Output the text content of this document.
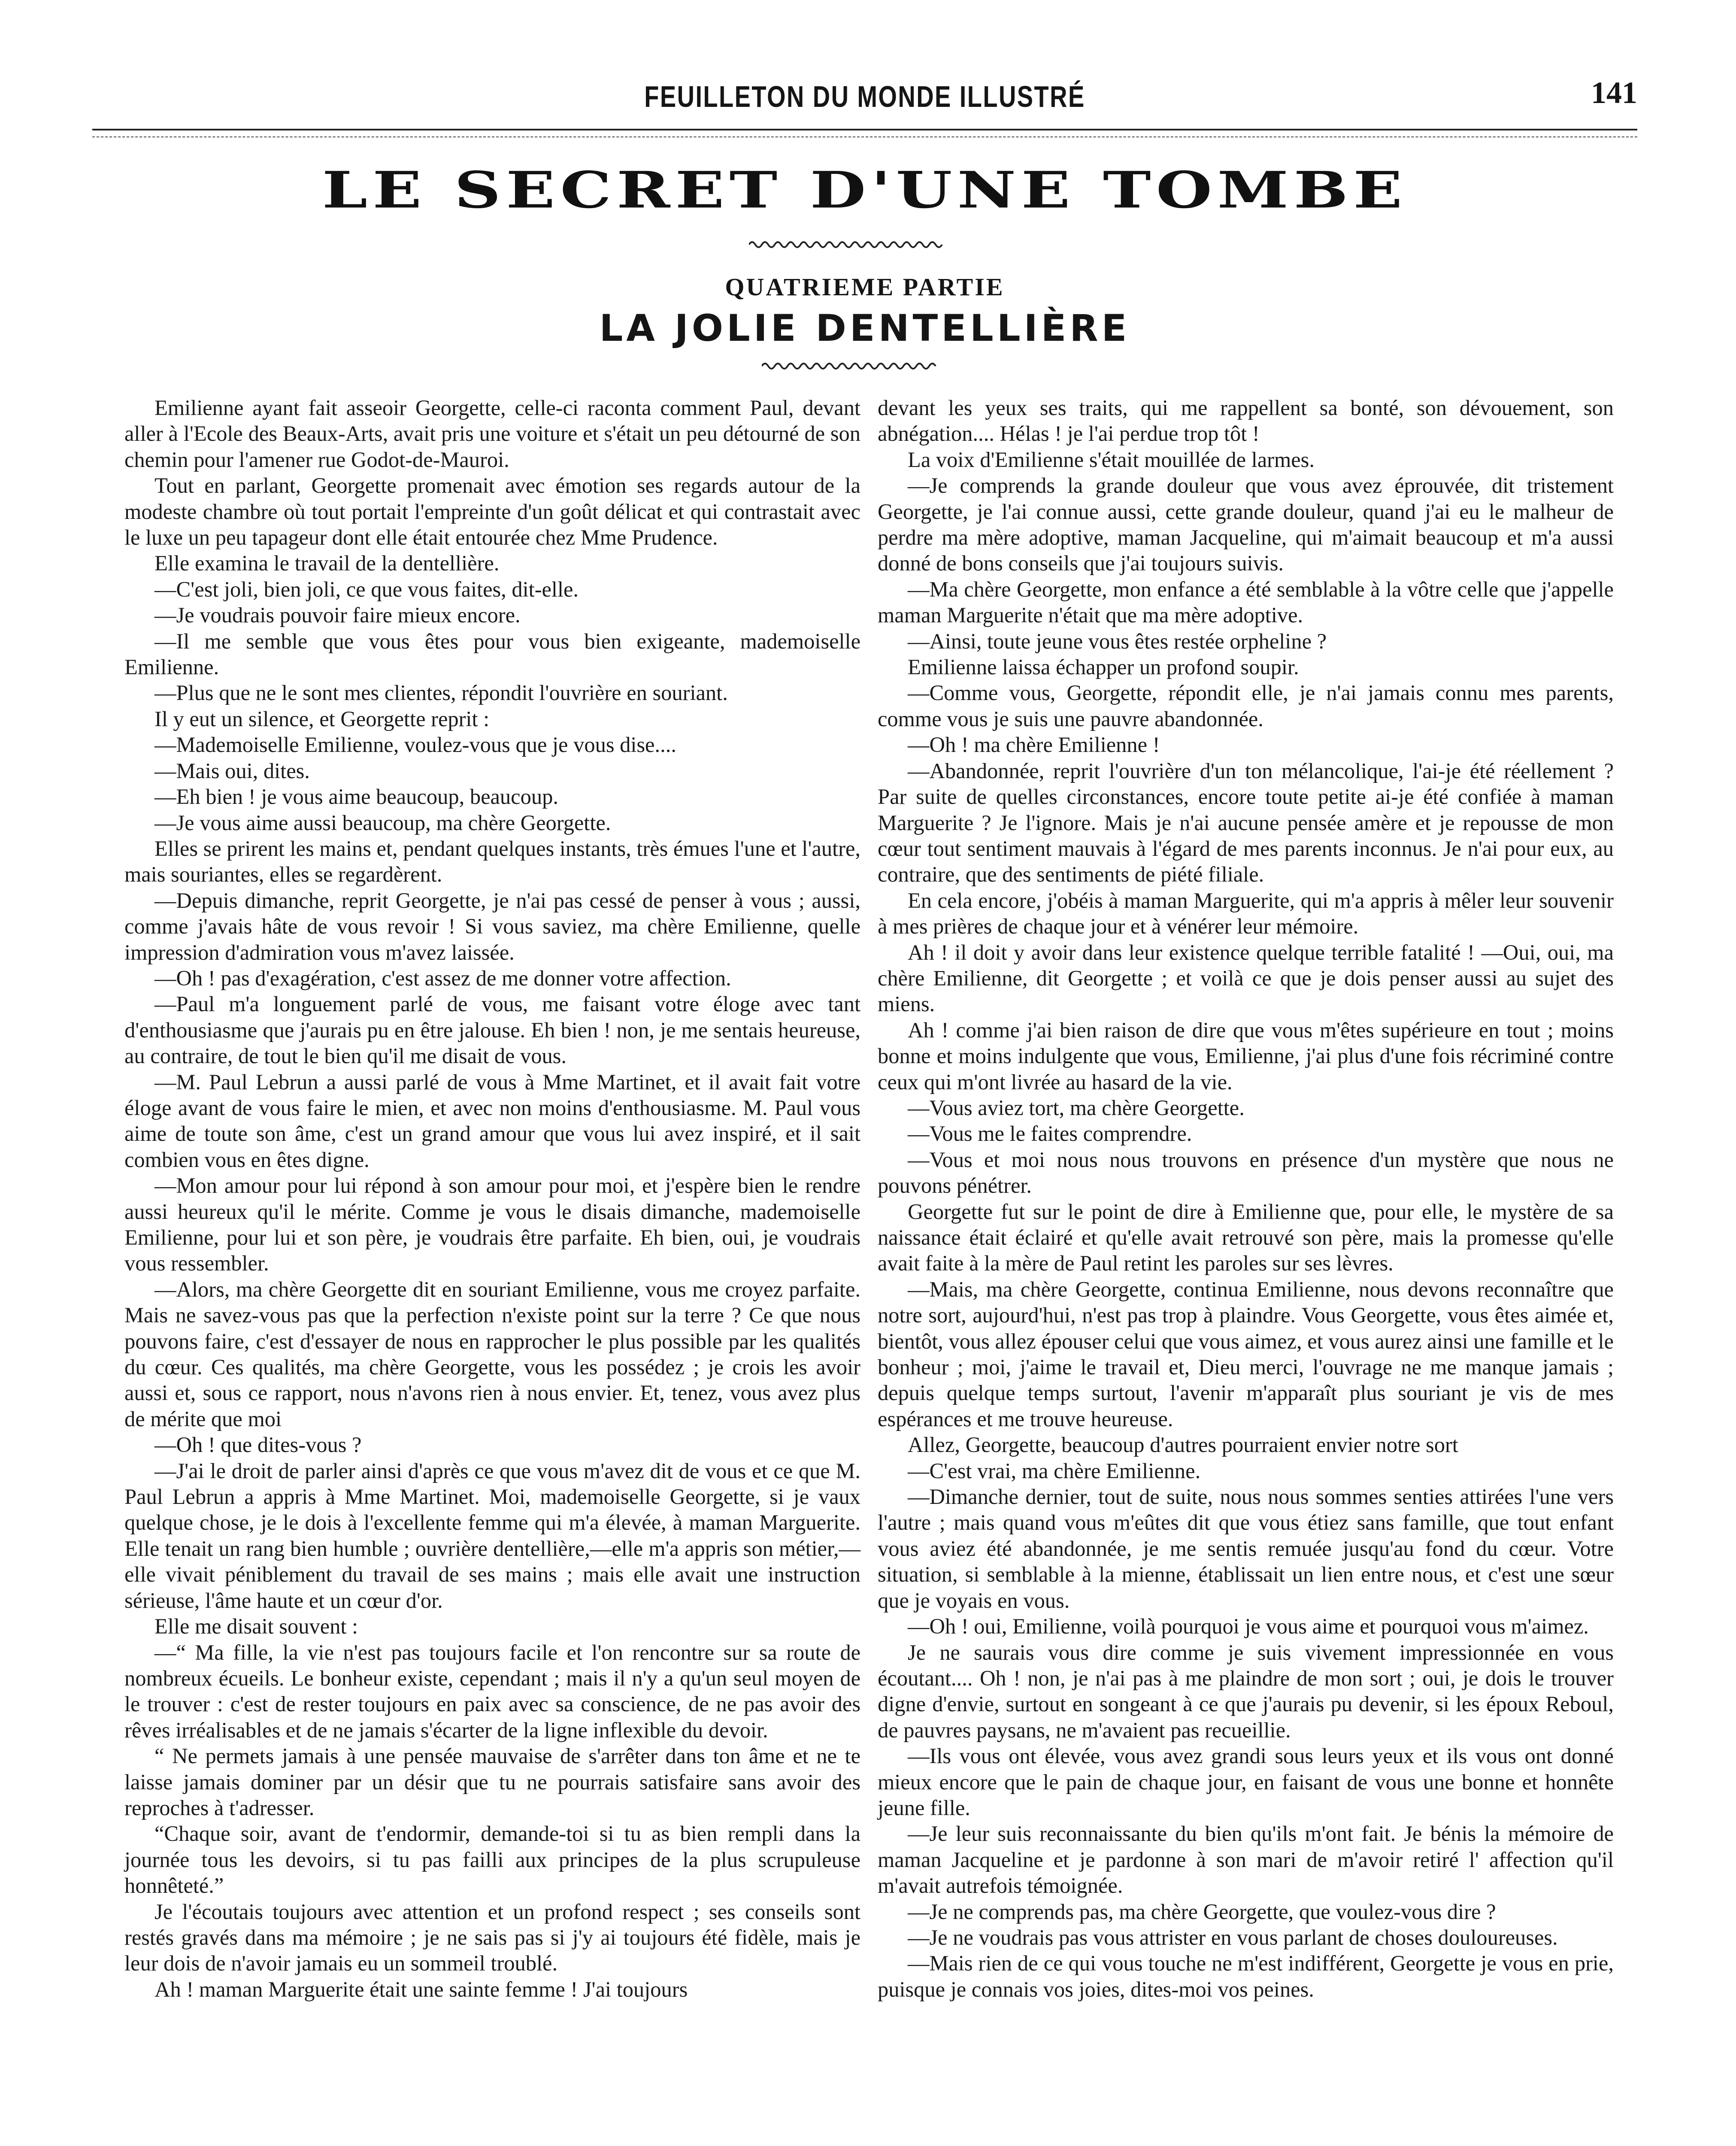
FEUILLETON DU MONDE ILLUSTRÉ	141
LE SECRET D'UNE TOMBE
QUATRIEME PARTIE
LA JOLIE DENTELLIÈRE

Emilienne ayant fait asseoir Georgette, celle-ci raconta comment Paul, devant aller à l'Ecole des Beaux-Arts, avait pris une voiture et s'était un peu détourné de son chemin pour l'amener rue Godot-de-Mauroi.

Tout en parlant, Georgette promenait avec émotion ses regards autour de la modeste chambre où tout portait l'empreinte d'un goût délicat et qui contrastait avec le luxe un peu tapageur dont elle était entourée chez Mme Prudence.

Elle examina le travail de la dentellière.

—C'est joli, bien joli, ce que vous faites, dit-elle.

—Je voudrais pouvoir faire mieux encore.

—Il me semble que vous êtes pour vous bien exigeante, mademoiselle Emilienne.

—Plus que ne le sont mes clientes, répondit l'ouvrière en souriant.

Il y eut un silence, et Georgette reprit :

—Mademoiselle Emilienne, voulez-vous que je vous dise....

—Mais oui, dites.

—Eh bien ! je vous aime beaucoup, beaucoup.

—Je vous aime aussi beaucoup, ma chère Georgette.

Elles se prirent les mains et, pendant quelques instants, très émues l'une et l'autre, mais souriantes, elles se regardèrent.

—Depuis dimanche, reprit Georgette, je n'ai pas cessé de penser à vous ; aussi, comme j'avais hâte de vous revoir ! Si vous saviez, ma chère Emilienne, quelle impression d'admiration vous m'avez laissée.

—Oh ! pas d'exagération, c'est assez de me donner votre affection.

—Paul m'a longuement parlé de vous, me faisant votre éloge avec tant d'enthousiasme que j'aurais pu en être jalouse. Eh bien ! non, je me sentais heureuse, au contraire, de tout le bien qu'il me disait de vous.

—M. Paul Lebrun a aussi parlé de vous à Mme Martinet, et il avait fait votre éloge avant de vous faire le mien, et avec non moins d'enthousiasme. M. Paul vous aime de toute son âme, c'est un grand amour que vous lui avez inspiré, et il sait combien vous en êtes digne.

—Mon amour pour lui répond à son amour pour moi, et j'espère bien le rendre aussi heureux qu'il le mérite. Comme je vous le disais dimanche, mademoiselle Emilienne, pour lui et son père, je voudrais être parfaite. Eh bien, oui, je voudrais vous ressembler.

—Alors, ma chère Georgette dit en souriant Emilienne, vous me croyez parfaite. Mais ne savez-vous pas que la perfection n'existe point sur la terre ? Ce que nous pouvons faire, c'est d'essayer de nous en rapprocher le plus possible par les qualités du cœur. Ces qualités, ma chère Georgette, vous les possédez ; je crois les avoir aussi et, sous ce rapport, nous n'avons rien à nous envier. Et, tenez, vous avez plus de mérite que moi

—Oh ! que dites-vous ?

—J'ai le droit de parler ainsi d'après ce que vous m'avez dit de vous et ce que M. Paul Lebrun a appris à Mme Martinet. Moi, mademoiselle Georgette, si je vaux quelque chose, je le dois à l'excellente femme qui m'a élevée, à maman Marguerite. Elle tenait un rang bien humble ; ouvrière dentellière,—elle m'a appris son métier,—elle vivait péniblement du travail de ses mains ; mais elle avait une instruction sérieuse, l'âme haute et un cœur d'or.

Elle me disait souvent :

—“ Ma fille, la vie n'est pas toujours facile et l'on rencontre sur sa route de nombreux écueils. Le bonheur existe, cependant ; mais il n'y a qu'un seul moyen de le trouver : c'est de rester toujours en paix avec sa conscience, de ne pas avoir des rêves irréalisables et de ne jamais s'écarter de la ligne inflexible du devoir.

“ Ne permets jamais à une pensée mauvaise de s'arrêter dans ton âme et ne te laisse jamais dominer par un désir que tu ne pourrais satisfaire sans avoir des reproches à t'adresser.

“Chaque soir, avant de t'endormir, demande-toi si tu as bien rempli dans la journée tous les devoirs, si tu pas failli aux principes de la plus scrupuleuse honnêteté.”

Je l'écoutais toujours avec attention et un profond respect ; ses conseils sont restés gravés dans ma mémoire ; je ne sais pas si j'y ai toujours été fidèle, mais je leur dois de n'avoir jamais eu un sommeil troublé.

Ah ! maman Marguerite était une sainte femme ! J'ai toujours

devant les yeux ses traits, qui me rappellent sa bonté, son dévouement, son abnégation.... Hélas ! je l'ai perdue trop tôt !

La voix d'Emilienne s'était mouillée de larmes.

—Je comprends la grande douleur que vous avez éprouvée, dit tristement Georgette, je l'ai connue aussi, cette grande douleur, quand j'ai eu le malheur de perdre ma mère adoptive, maman Jacqueline, qui m'aimait beaucoup et m'a aussi donné de bons conseils que j'ai toujours suivis.

—Ma chère Georgette, mon enfance a été semblable à la vôtre celle que j'appelle maman Marguerite n'était que ma mère adoptive.

—Ainsi, toute jeune vous êtes restée orpheline ?

Emilienne laissa échapper un profond soupir.

—Comme vous, Georgette, répondit elle, je n'ai jamais connu mes parents, comme vous je suis une pauvre abandonnée.

—Oh ! ma chère Emilienne !

—Abandonnée, reprit l'ouvrière d'un ton mélancolique, l'ai-je été réellement ? Par suite de quelles circonstances, encore toute petite ai-je été confiée à maman Marguerite ? Je l'ignore. Mais je n'ai aucune pensée amère et je repousse de mon cœur tout sentiment mauvais à l'égard de mes parents inconnus. Je n'ai pour eux, au contraire, que des sentiments de piété filiale.

En cela encore, j'obéis à maman Marguerite, qui m'a appris à mêler leur souvenir à mes prières de chaque jour et à vénérer leur mémoire.

Ah ! il doit y avoir dans leur existence quelque terrible fatalité ! —Oui, oui, ma chère Emilienne, dit Georgette ; et voilà ce que je dois penser aussi au sujet des miens.

Ah ! comme j'ai bien raison de dire que vous m'êtes supérieure en tout ; moins bonne et moins indulgente que vous, Emilienne, j'ai plus d'une fois récriminé contre ceux qui m'ont livrée au hasard de la vie.

—Vous aviez tort, ma chère Georgette.

—Vous me le faites comprendre.

—Vous et moi nous nous trouvons en présence d'un mystère que nous ne pouvons pénétrer.

Georgette fut sur le point de dire à Emilienne que, pour elle, le mystère de sa naissance était éclairé et qu'elle avait retrouvé son père, mais la promesse qu'elle avait faite à la mère de Paul retint les paroles sur ses lèvres.

—Mais, ma chère Georgette, continua Emilienne, nous devons reconnaître que notre sort, aujourd'hui, n'est pas trop à plaindre. Vous Georgette, vous êtes aimée et, bientôt, vous allez épouser celui que vous aimez, et vous aurez ainsi une famille et le bonheur ; moi, j'aime le travail et, Dieu merci, l'ouvrage ne me manque jamais ; depuis quelque temps surtout, l'avenir m'apparaît plus souriant je vis de mes espérances et me trouve heureuse.

Allez, Georgette, beaucoup d'autres pourraient envier notre sort

—C'est vrai, ma chère Emilienne.

—Dimanche dernier, tout de suite, nous nous sommes senties attirées l'une vers l'autre ; mais quand vous m'eûtes dit que vous étiez sans famille, que tout enfant vous aviez été abandonnée, je me sentis remuée jusqu'au fond du cœur. Votre situation, si semblable à la mienne, établissait un lien entre nous, et c'est une sœur que je voyais en vous.

—Oh ! oui, Emilienne, voilà pourquoi je vous aime et pourquoi vous m'aimez.

Je ne saurais vous dire comme je suis vivement impressionnée en vous écoutant.... Oh ! non, je n'ai pas à me plaindre de mon sort ; oui, je dois le trouver digne d'envie, surtout en songeant à ce que j'aurais pu devenir, si les époux Reboul, de pauvres paysans, ne m'avaient pas recueillie.

—Ils vous ont élevée, vous avez grandi sous leurs yeux et ils vous ont donné mieux encore que le pain de chaque jour, en faisant de vous une bonne et honnête jeune fille.

—Je leur suis reconnaissante du bien qu'ils m'ont fait. Je bénis la mémoire de maman Jacqueline et je pardonne à son mari de m'avoir retiré l' affection qu'il m'avait autrefois témoignée.

—Je ne comprends pas, ma chère Georgette, que voulez-vous dire ?

—Je ne voudrais pas vous attrister en vous parlant de choses douloureuses.

—Mais rien de ce qui vous touche ne m'est indifférent, Georgette je vous en prie, puisque je connais vos joies, dites-moi vos peines.
